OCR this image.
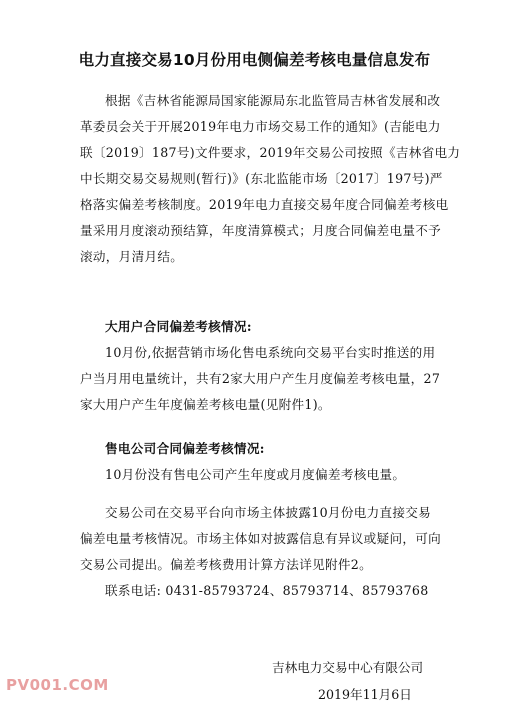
电力直接交易10月份用电侧偏差考核电量信息发布
根据《吉林省能源局国家能源局东北监管局吉林省发展和改
革委员会关于开展2019年电力市场交易工作的通知》(吉能电力
联〔2019〕187号)文件要求，2019年交易公司按照《吉林省电力
中长期交易交易规则(暂行)》(东北监能市场〔2017〕197号)严
格落实偏差考核制度。2019年电力直接交易年度合同偏差考核电
量采用月度滚动预结算，年度清算模式；月度合同偏差电量不予
滚动，月清月结。
大用户合同偏差考核情况:
10月份,依据营销市场化售电系统向交易平台实时推送的用
户当月用电量统计，共有2家大用户产生月度偏差考核电量，27
家大用户产生年度偏差考核电量(见附件1)。
售电公司合同偏差考核情况:
10月份没有售电公司产生年度或月度偏差考核电量。
交易公司在交易平台向市场主体披露10月份电力直接交易
偏差电量考核情况。市场主体如对披露信息有异议或疑问，可向
交易公司提出。偏差考核费用计算方法详见附件2。
联系电话: 0431-85793724、85793714、85793768
吉林电力交易中心有限公司
2019年11月6日
PV001.COM
